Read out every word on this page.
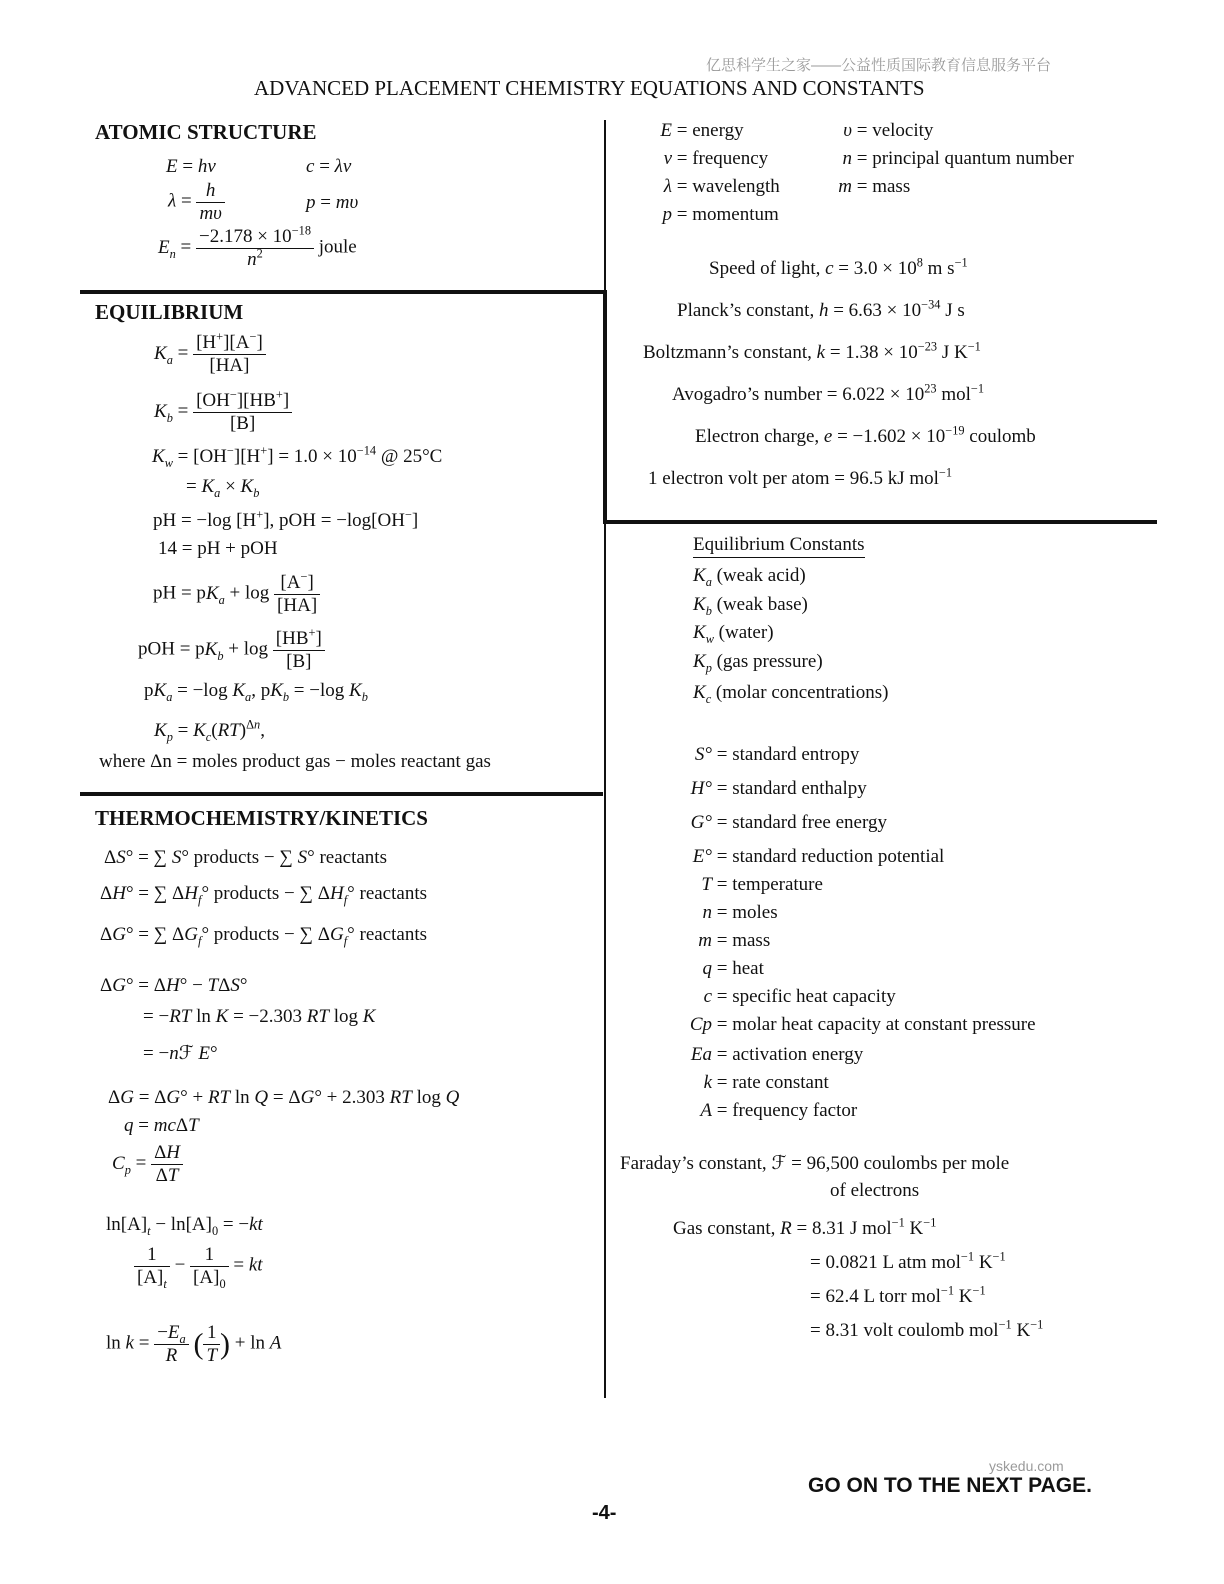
亿思科学生之家——公益性质国际教育信息服务平台
ADVANCED PLACEMENT CHEMISTRY EQUATIONS AND CONSTANTS
ATOMIC STRUCTURE
E = hν	c = λν
$\lambda = \frac{h}{m\upsilon}$	p = mυ
$E_n = \frac{-2.178 \times 10^{-18}}{n^2}$ joule
E = energy
ν = frequency
λ = wavelength
p = momentum
υ = velocity
n = principal quantum number
m = mass
Speed of light, $c = 3.0 \times 10^8$ m $s^{-1}$
Planck’s constant, $h = 6.63 \times 10^{-34}$ J s
Boltzmann’s constant, $k = 1.38 \times 10^{-23}$ J $K^{-1}$
Avogadro’s number = $6.022 \times 10^{23}$ mol$^{-1}$
Electron charge, $e = -1.602 \times 10^{-19}$ coulomb
1 electron volt per atom = 96.5 kJ mol$^{-1}$
EQUILIBRIUM
$K_a = \frac{[H^+][A^-]}{[HA]}$
$K_b = \frac{[OH^-][HB^+]}{[B]}$
$K_w = [OH^-][H^+] = 1.0 \times 10^{-14}$ @ 25°C
= $K_a \times K_b$
pH = −log [H+], pOH = −log[OH−]
14 = pH + pOH
pH = $pK_a + \log \frac{[A^-]}{[HA]}$
pOH = $pK_b + \log \frac{[HB^+]}{[B]}$
$pK_a = -\log$ $K_a$, $pK_b = -\log$ $K_b$
$K_p = K_c(RT)^{\Delta n}$,
where Δn = moles product gas − moles reactant gas
Equilibrium Constants
$K_a$ (weak acid)
$K_b$ (weak base)
$K_w$ (water)
$K_p$ (gas pressure)
$K_c$ (molar concentrations)
THERMOCHEMISTRY/KINETICS
ΔS° = ∑ S° products − ∑ S° reactants
ΔH° = ∑ $\Delta H_f^\circ$ products − ∑ $\Delta H_f^\circ$ reactants
ΔG° = ∑ $\Delta G_f^\circ$ products − ∑ $\Delta G_f^\circ$ reactants
ΔG° = ΔH° − TΔS°
= −RT ln K = −2.303 RT log K
= −nℱ E°
ΔG = ΔG° + RT ln Q = ΔG° + 2.303 RT log Q
q = mcΔT
$C_p = \frac{\Delta H}{\Delta T}$
$\ln[A]_t - \ln[A]_0 = -kt$
$\frac{1}{[A]_t} - \frac{1}{[A]_0}$ = kt
$\ln k = \frac{-E_a}{R}$ ( $\frac{1}{T}$ ) + ln A
S° = standard entropy
H° = standard enthalpy
G° = standard free energy
E° = standard reduction potential
T = temperature
n = moles
m = mass
q = heat
c = specific heat capacity
Cp = molar heat capacity at constant pressure
Ea = activation energy
k = rate constant
A = frequency factor
Faraday’s constant, ℱ = 96,500 coulombs per mole
of electrons
Gas constant, R = 8.31 J mol$^{-1}$ $K^{-1}$
= 0.0821 L atm mol$^{-1}$ $K^{-1}$
= 62.4 L torr mol$^{-1}$ $K^{-1}$
= 8.31 volt coulomb mol$^{-1}$ $K^{-1}$
yskedu.com
GO ON TO THE NEXT PAGE.
-4-
